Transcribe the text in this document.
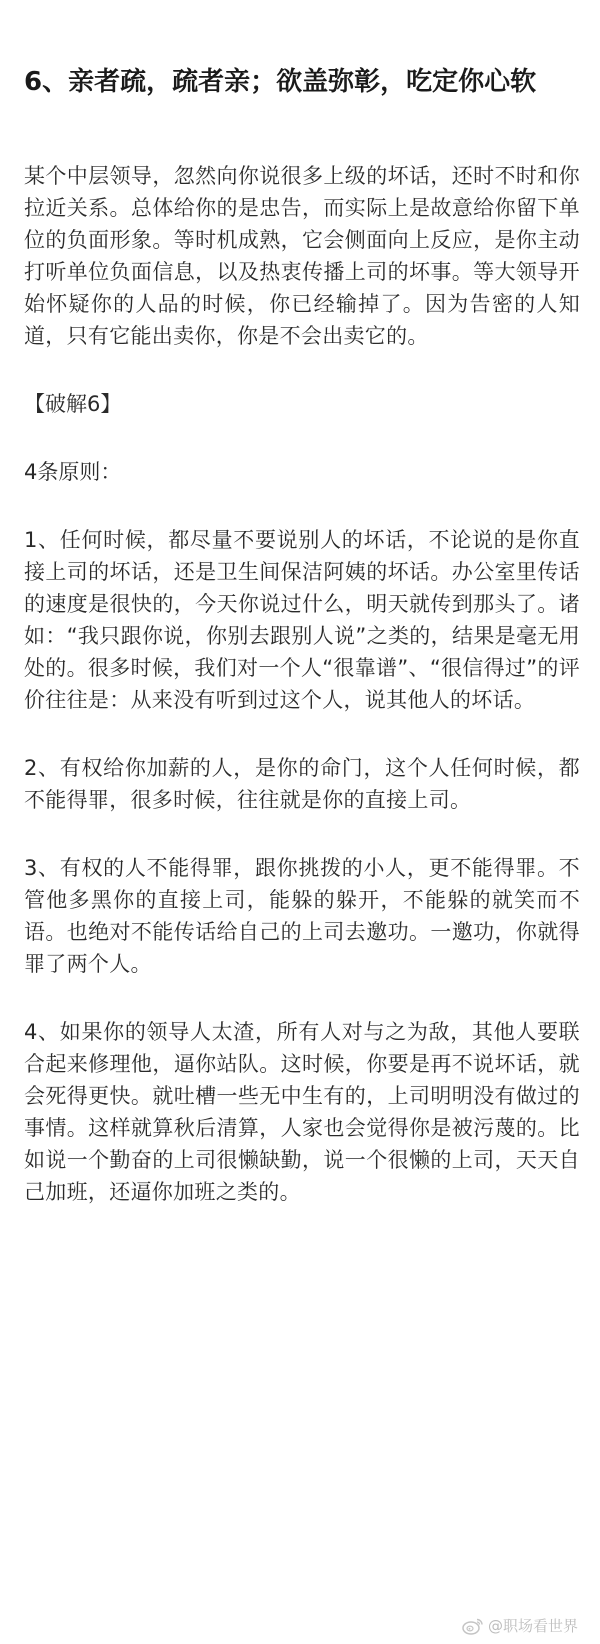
6、亲者疏，疏者亲；欲盖弥彰，吃定你心软

某个中层领导，忽然向你说很多上级的坏话，还时不时和你拉近关系。总体给你的是忠告，而实际上是故意给你留下单位的负面形象。等时机成熟，它会侧面向上反应，是你主动打听单位负面信息，以及热衷传播上司的坏事。等大领导开始怀疑你的人品的时候，你已经输掉了。因为告密的人知道，只有它能出卖你，你是不会出卖它的。

【破解6】

4条原则：

1、任何时候，都尽量不要说别人的坏话，不论说的是你直接上司的坏话，还是卫生间保洁阿姨的坏话。办公室里传话的速度是很快的，今天你说过什么，明天就传到那头了。诸如：“我只跟你说，你别去跟别人说”之类的，结果是毫无用处的。很多时候，我们对一个人“很靠谱”、“很信得过”的评价往往是：从来没有听到过这个人，说其他人的坏话。

2、有权给你加薪的人，是你的命门，这个人任何时候，都不能得罪，很多时候，往往就是你的直接上司。

3、有权的人不能得罪，跟你挑拨的小人，更不能得罪。不管他多黑你的直接上司，能躲的躲开，不能躲的就笑而不语。也绝对不能传话给自己的上司去邀功。一邀功，你就得罪了两个人。

4、如果你的领导人太渣，所有人对与之为敌，其他人要联合起来修理他，逼你站队。这时候，你要是再不说坏话，就会死得更快。就吐槽一些无中生有的，上司明明没有做过的事情。这样就算秋后清算，人家也会觉得你是被污蔑的。比如说一个勤奋的上司很懒缺勤，说一个很懒的上司，天天自己加班，还逼你加班之类的。

@职场看世界
